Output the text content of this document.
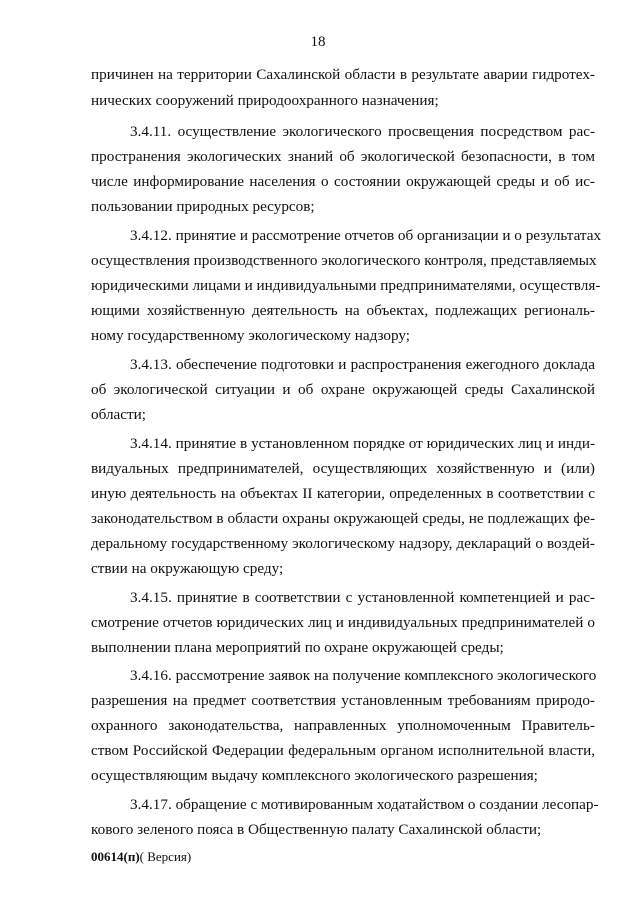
18
причинен на территории Сахалинской области в результате аварии гидротех-
нических сооружений природоохранного назначения;
3.4.11. осуществление экологического просвещения посредством рас-
пространения экологических знаний об экологической безопасности, в том
числе информирование населения о состоянии окружающей среды и об ис-
пользовании природных ресурсов;
3.4.12. принятие и рассмотрение отчетов об организации и о результатах
осуществления производственного экологического контроля, представляемых
юридическими лицами и индивидуальными предпринимателями, осуществля-
ющими хозяйственную деятельность на объектах, подлежащих региональ-
ному государственному экологическому надзору;
3.4.13. обеспечение подготовки и распространения ежегодного доклада
об экологической ситуации и об охране окружающей среды Сахалинской
области;
3.4.14. принятие в установленном порядке от юридических лиц и инди-
видуальных предпринимателей, осуществляющих хозяйственную и (или)
иную деятельность на объектах II категории, определенных в соответствии с
законодательством в области охраны окружающей среды, не подлежащих фе-
деральному государственному экологическому надзору, деклараций о воздей-
ствии на окружающую среду;
3.4.15. принятие в соответствии с установленной компетенцией и рас-
смотрение отчетов юридических лиц и индивидуальных предпринимателей о
выполнении плана мероприятий по охране окружающей среды;
3.4.16. рассмотрение заявок на получение комплексного экологического
разрешения на предмет соответствия установленным требованиям природо-
охранного законодательства, направленных уполномоченным Правитель-
ством Российской Федерации федеральным органом исполнительной власти,
осуществляющим выдачу комплексного экологического разрешения;
3.4.17. обращение с мотивированным ходатайством о создании лесопар-
кового зеленого пояса в Общественную палату Сахалинской области;
00614(п)( Версия)
